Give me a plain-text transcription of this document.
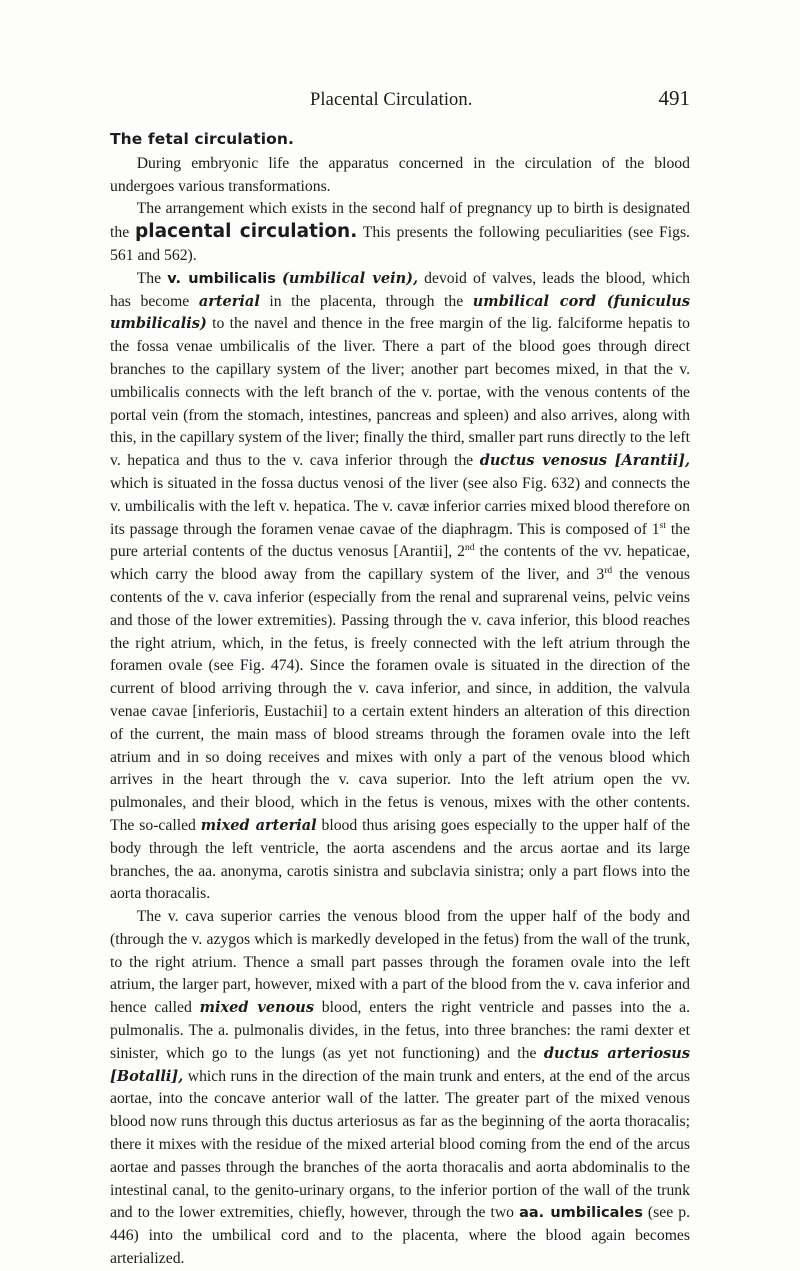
Placental Circulation.	491
The fetal circulation.

During embryonic life the apparatus concerned in the circulation of the blood undergoes various transformations.

The arrangement which exists in the second half of pregnancy up to birth is designated the placental circulation. This presents the following peculiarities (see Figs. 561 and 562).

The v. umbilicalis (umbilical vein), devoid of valves, leads the blood, which has become arterial in the placenta, through the umbilical cord (funiculus umbilicalis) to the navel and thence in the free margin of the lig. falciforme hepatis to the fossa venae umbilicalis of the liver. There a part of the blood goes through direct branches to the capillary system of the liver; another part becomes mixed, in that the v. umbilicalis connects with the left branch of the v. portae, with the venous contents of the portal vein (from the stomach, intestines, pancreas and spleen) and also arrives, along with this, in the capillary system of the liver; finally the third, smaller part runs directly to the left v. hepatica and thus to the v. cava inferior through the ductus venosus [Arantii], which is situated in the fossa ductus venosi of the liver (see also Fig. 632) and connects the v. umbilicalis with the left v. hepatica. The v. cavæ inferior carries mixed blood therefore on its passage through the foramen venae cavae of the diaphragm. This is composed of 1st the pure arterial contents of the ductus venosus [Arantii], 2nd the contents of the vv. hepaticae, which carry the blood away from the capillary system of the liver, and 3rd the venous contents of the v. cava inferior (especially from the renal and suprarenal veins, pelvic veins and those of the lower extremities). Passing through the v. cava inferior, this blood reaches the right atrium, which, in the fetus, is freely connected with the left atrium through the foramen ovale (see Fig. 474). Since the foramen ovale is situated in the direction of the current of blood arriving through the v. cava inferior, and since, in addition, the valvula venae cavae [inferioris, Eustachii] to a certain extent hinders an alteration of this direction of the current, the main mass of blood streams through the foramen ovale into the left atrium and in so doing receives and mixes with only a part of the venous blood which arrives in the heart through the v. cava superior. Into the left atrium open the vv. pulmonales, and their blood, which in the fetus is venous, mixes with the other contents. The so-called mixed arterial blood thus arising goes especially to the upper half of the body through the left ventricle, the aorta ascendens and the arcus aortae and its large branches, the aa. anonyma, carotis sinistra and subclavia sinistra; only a part flows into the aorta thoracalis.

The v. cava superior carries the venous blood from the upper half of the body and (through the v. azygos which is markedly developed in the fetus) from the wall of the trunk, to the right atrium. Thence a small part passes through the foramen ovale into the left atrium, the larger part, however, mixed with a part of the blood from the v. cava inferior and hence called mixed venous blood, enters the right ventricle and passes into the a. pulmonalis. The a. pulmonalis divides, in the fetus, into three branches: the rami dexter et sinister, which go to the lungs (as yet not functioning) and the ductus arteriosus [Botalli], which runs in the direction of the main trunk and enters, at the end of the arcus aortae, into the concave anterior wall of the latter. The greater part of the mixed venous blood now runs through this ductus arteriosus as far as the beginning of the aorta thoracalis; there it mixes with the residue of the mixed arterial blood coming from the end of the arcus aortae and passes through the branches of the aorta thoracalis and aorta abdominalis to the intestinal canal, to the genito-urinary organs, to the inferior portion of the wall of the trunk and to the lower extremities, chiefly, however, through the two aa. umbilicales (see p. 446) into the umbilical cord and to the placenta, where the blood again becomes arterialized.
